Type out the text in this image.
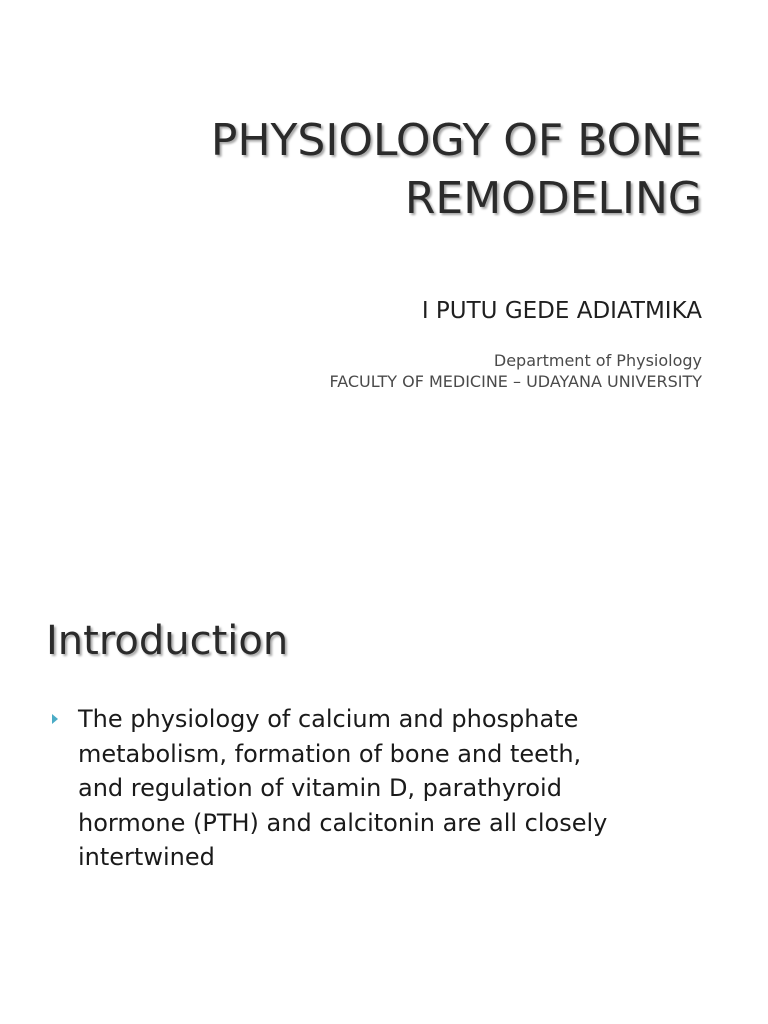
PHYSIOLOGY OF BONE
REMODELING
I PUTU GEDE ADIATMIKA
Department of Physiology
FACULTY OF MEDICINE – UDAYANA UNIVERSITY
Introduction
The physiology of calcium and phosphate
metabolism, formation of bone and teeth,
and regulation of vitamin D, parathyroid
hormone (PTH) and calcitonin are all closely
intertwined
